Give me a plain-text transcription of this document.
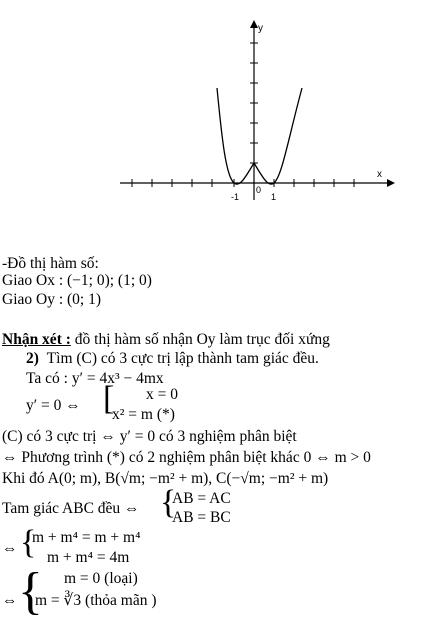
x
y
-1
0
1
-Đồ thị hàm số:
Giao Ox : (−1; 0); (1; 0)
Giao Oy : (0; 1)
Nhận xét : đồ thị hàm số nhận Oy làm trục đối xứng
2) Tìm (C) có 3 cực trị lập thành tam giác đều.
Ta có : y′ = 4x³ − 4mx
y′ = 0 ⇔ [ x = 0
x² = m (*)
(C) có 3 cực trị ⇔ y′ = 0 có 3 nghiệm phân biệt
⇔ Phương trình (*) có 2 nghiệm phân biệt khác 0 ⇔ m > 0
Khi đó A(0; m), B(√m; −m² + m), C(−√m; −m² + m)
Tam giác ABC đều ⇔ {
AB = AC
AB = BC
⇔ {
m + m⁴ = m + m⁴
m + m⁴ = 4m
⇔ { m = 0 (loại)
m = ∛3 (thỏa mãn )
